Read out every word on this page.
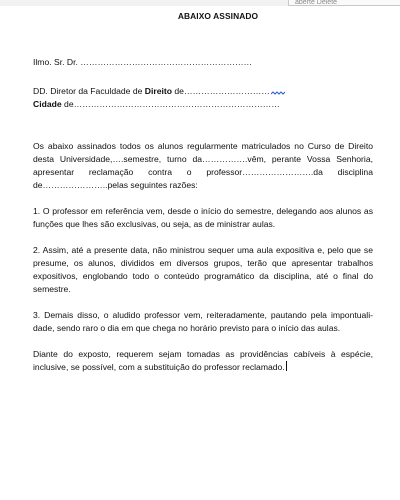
aberte Delete
ABAIXO ASSINADO
Ilmo. Sr. Dr. ……………………………………………………
DD. Diretor da Faculdade de Direito de…………………………
Cidade de………………………………………………………………

Os abaixo assinados todos os alunos regularmente matriculados no Curso de Direito desta Universidade,….semestre, turno da…………….vêm, perante Vossa Senhoria, apresentar reclamação contra o professor…………………….da disciplina de…………………..pelas seguintes razões:

1. O professor em referência vem, desde o início do semestre, delegando aos alunos as funções que lhes são exclusivas, ou seja, as de ministrar aulas.

2. Assim, até a presente data, não ministrou sequer uma aula expositiva e, pelo que se presume, os alunos, divididos em diversos grupos, terão que apresentar trabalhos expositivos, englobando todo o conteúdo programático da disciplina, até o final do semestre.

3. Demais disso, o aludido professor vem, reiteradamente, pautando pela impontuali-dade, sendo raro o dia em que chega no horário previsto para o início das aulas.

Diante do exposto, requerem sejam tomadas as providências cabíveis à espécie, inclusive, se possível, com a substituição do professor reclamado.
